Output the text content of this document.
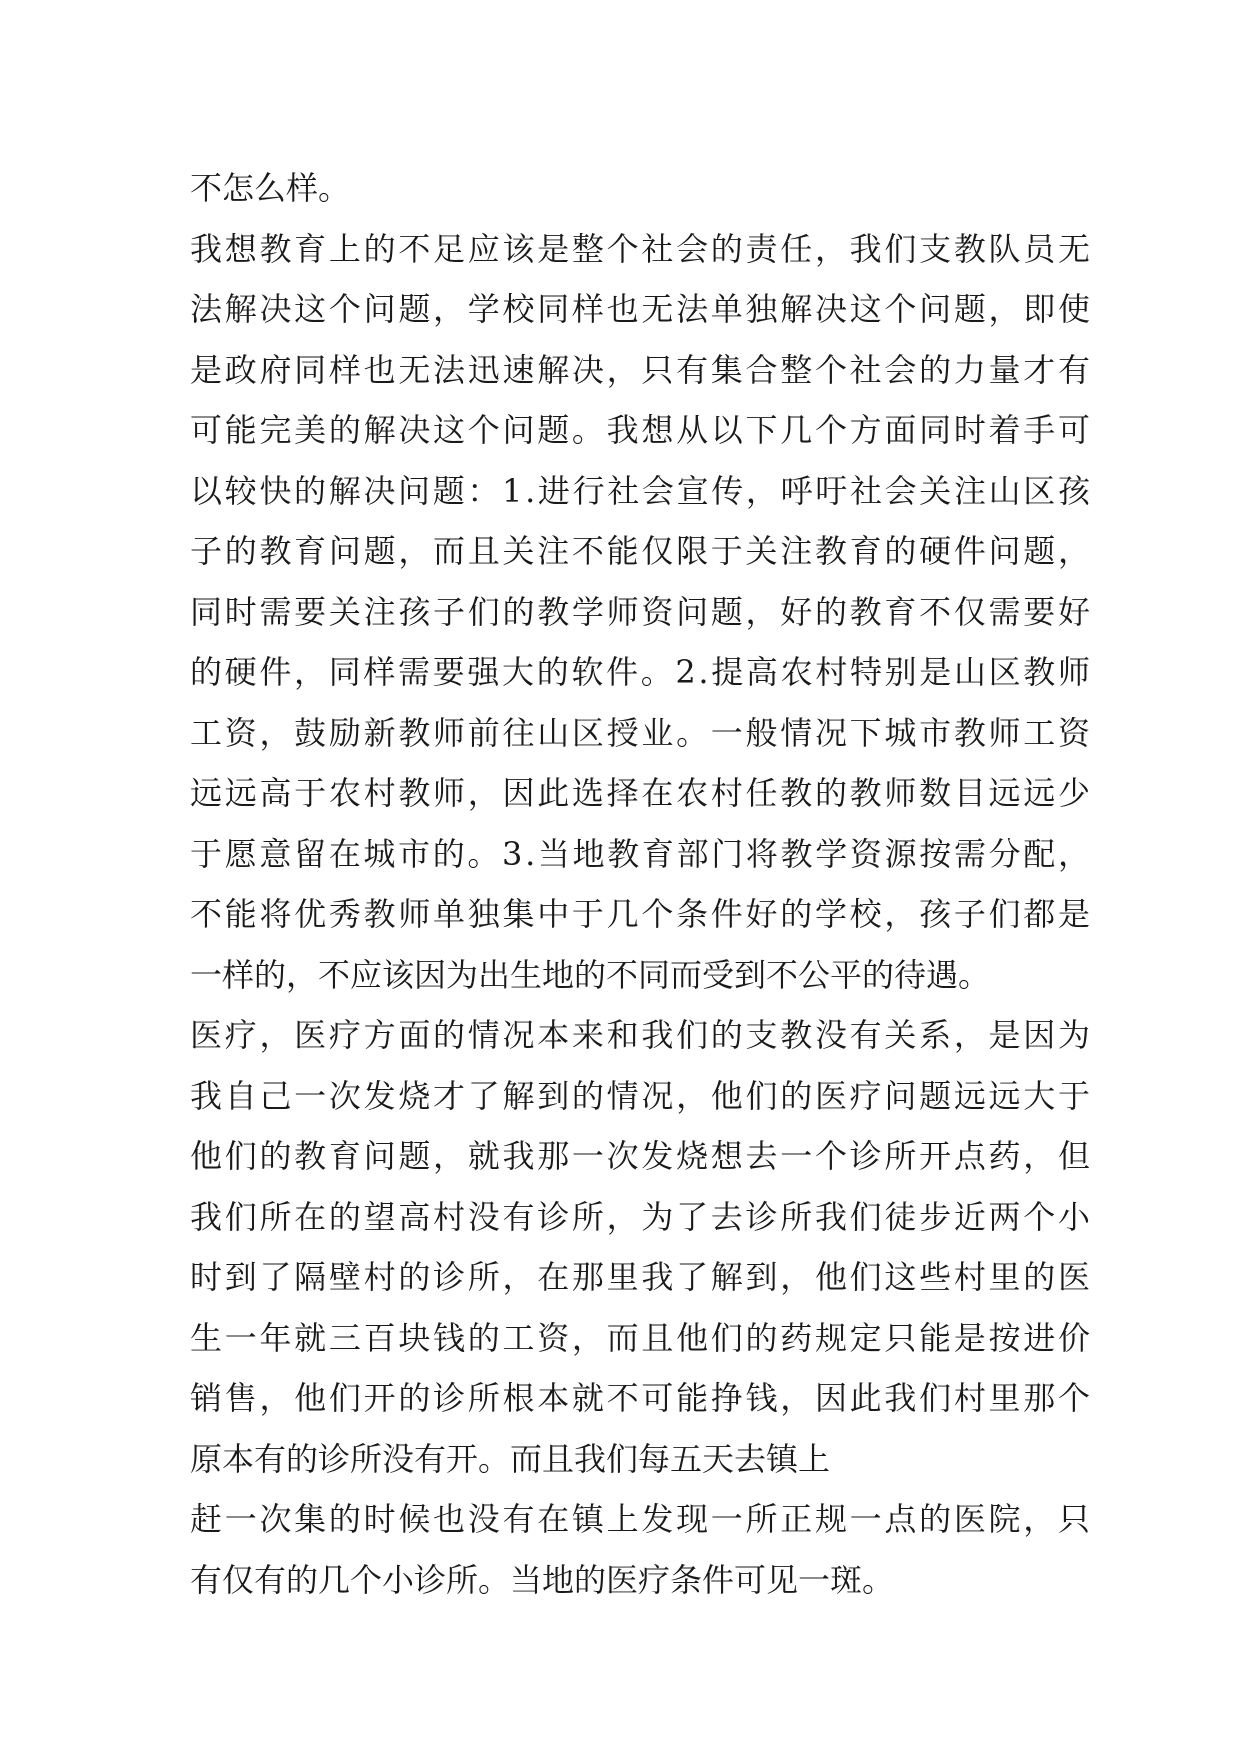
不怎么样。
我 想 教 育 上 的 不 足 应 该 是 整 个 社 会 的 责 任 ， 我 们 支 教 队 员 无
法 解 决 这 个 问 题 ， 学 校 同 样 也 无 法 单 独 解 决 这 个 问 题 ， 即 使
是 政 府 同 样 也 无 法 迅 速 解 决 ， 只 有 集 合 整 个 社 会 的 力 量 才 有
可 能 完 美 的 解 决 这 个 问 题 。 我 想 从 以 下 几 个 方 面 同 时 着 手 可
以 较 快 的 解 决 问 题 ： 1 . 进 行 社 会 宣 传 ， 呼 吁 社 会 关 注 山 区 孩
子 的 教 育 问 题 ， 而 且 关 注 不 能 仅 限 于 关 注 教 育 的 硬 件 问 题 ，
同 时 需 要 关 注 孩 子 们 的 教 学 师 资 问 题 ， 好 的 教 育 不 仅 需 要 好
的 硬 件 ， 同 样 需 要 强 大 的 软 件 。 2 . 提 高 农 村 特 别 是 山 区 教 师
工 资 ， 鼓 励 新 教 师 前 往 山 区 授 业 。 一 般 情 况 下 城 市 教 师 工 资
远 远 高 于 农 村 教 师 ， 因 此 选 择 在 农 村 任 教 的 教 师 数 目 远 远 少
于 愿 意 留 在 城 市 的 。 3 . 当 地 教 育 部 门 将 教 学 资 源 按 需 分 配 ，
不 能 将 优 秀 教 师 单 独 集 中 于 几 个 条 件 好 的 学 校 ， 孩 子 们 都 是
一样的，不应该因为出生地的不同而受到不公平的待遇。
医 疗 ， 医 疗 方 面 的 情 况 本 来 和 我 们 的 支 教 没 有 关 系 ， 是 因 为
我 自 己 一 次 发 烧 才 了 解 到 的 情 况 ， 他 们 的 医 疗 问 题 远 远 大 于
他 们 的 教 育 问 题 ， 就 我 那 一 次 发 烧 想 去 一 个 诊 所 开 点 药 ， 但
我 们 所 在 的 望 高 村 没 有 诊 所 ， 为 了 去 诊 所 我 们 徒 步 近 两 个 小
时 到 了 隔 壁 村 的 诊 所 ， 在 那 里 我 了 解 到 ， 他 们 这 些 村 里 的 医
生 一 年 就 三 百 块 钱 的 工 资 ， 而 且 他 们 的 药 规 定 只 能 是 按 进 价
销 售 ， 他 们 开 的 诊 所 根 本 就 不 可 能 挣 钱 ， 因 此 我 们 村 里 那 个
原本有的诊所没有开。而且我们每五天去镇上
赶 一 次 集 的 时 候 也 没 有 在 镇 上 发 现 一 所 正 规 一 点 的 医 院 ， 只
有仅有的几个小诊所。当地的医疗条件可见一斑。
